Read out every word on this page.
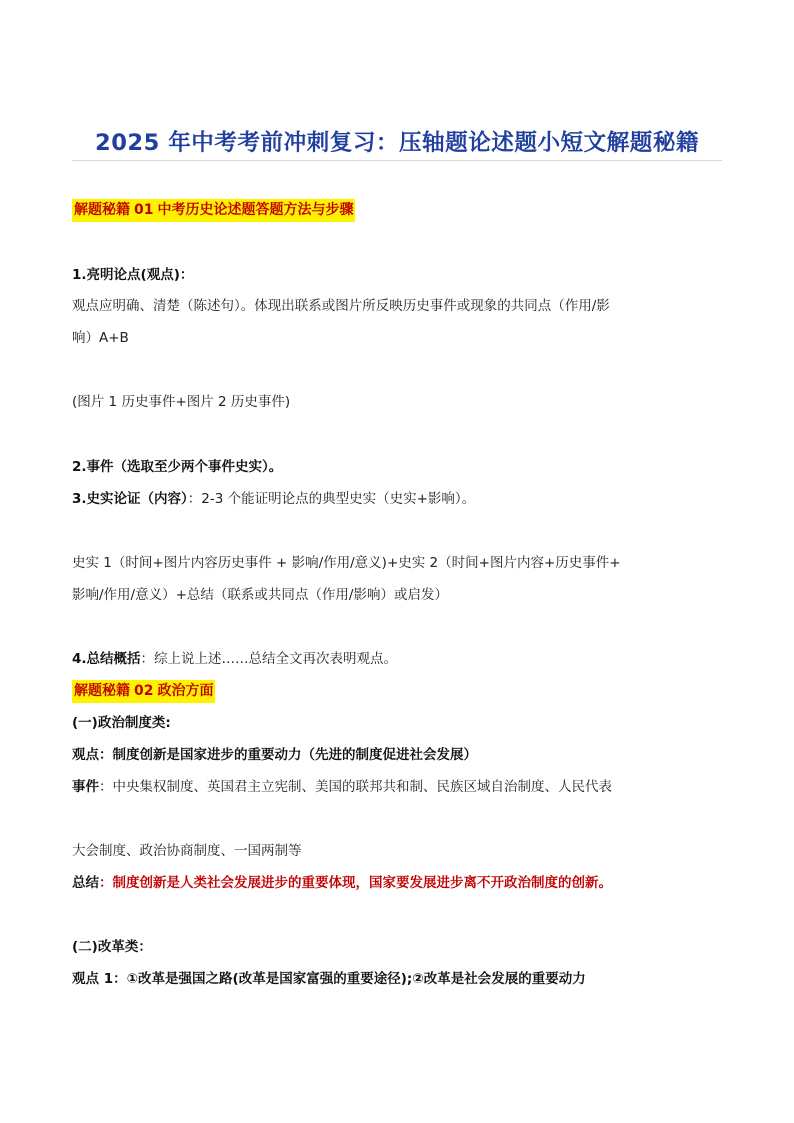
2025 年中考考前冲刺复习：压轴题论述题小短文解题秘籍
解题秘籍 01 中考历史论述题答题方法与步骤
1.亮明论点(观点)：
观点应明确、清楚（陈述句）。体现出联系或图片所反映历史事件或现象的共同点（作用/影
响）A+B
(图片 1 历史事件+图片 2 历史事件)
2.事件（选取至少两个事件史实）。
3.史实论证（内容）：2-3 个能证明论点的典型史实（史实+影响）。
史实 1（时间+图片内容历史事件 + 影响/作用/意义)+史实 2（时间+图片内容+历史事件+
影响/作用/意义）+总结（联系或共同点（作用/影响）或启发）
4.总结概括：综上说上述……总结全文再次表明观点。
解题秘籍 02 政治方面
(一)政治制度类:
观点：制度创新是国家进步的重要动力（先进的制度促进社会发展）
事件：中央集权制度、英国君主立宪制、美国的联邦共和制、民族区域自治制度、人民代表
大会制度、政治协商制度、一国两制等
总结：制度创新是人类社会发展进步的重要体现，国家要发展进步离不开政治制度的创新。
(二)改革类：
观点 1：①改革是强国之路(改革是国家富强的重要途径);②改革是社会发展的重要动力
